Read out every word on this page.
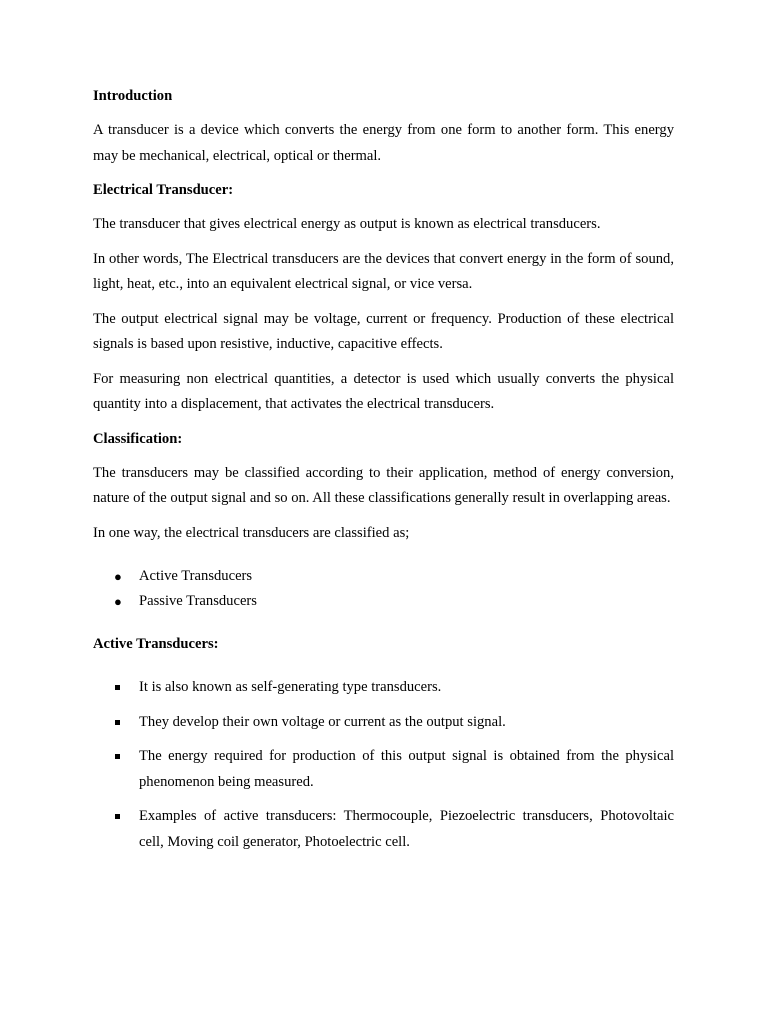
Introduction

A transducer is a device which converts the energy from one form to another form. This energy may be mechanical, electrical, optical or thermal.

Electrical Transducer:

The transducer that gives electrical energy as output is known as electrical transducers.

In other words, The Electrical transducers are the devices that convert energy in the form of sound, light, heat, etc., into an equivalent electrical signal, or vice versa.

The output electrical signal may be voltage, current or frequency. Production of these electrical signals is based upon resistive, inductive, capacitive effects.

For measuring non electrical quantities, a detector is used which usually converts the physical quantity into a displacement, that activates the electrical transducers.

Classification:

The transducers may be classified according to their application, method of energy conversion, nature of the output signal and so on. All these classifications generally result in overlapping areas.

In one way, the electrical transducers are classified as;

● Active Transducers
● Passive Transducers
Active Transducers:
It is also known as self-generating type transducers.
They develop their own voltage or current as the output signal.
The energy required for production of this output signal is obtained from the physical phenomenon being measured.
Examples of active transducers: Thermocouple, Piezoelectric transducers, Photovoltaic cell, Moving coil generator, Photoelectric cell.
